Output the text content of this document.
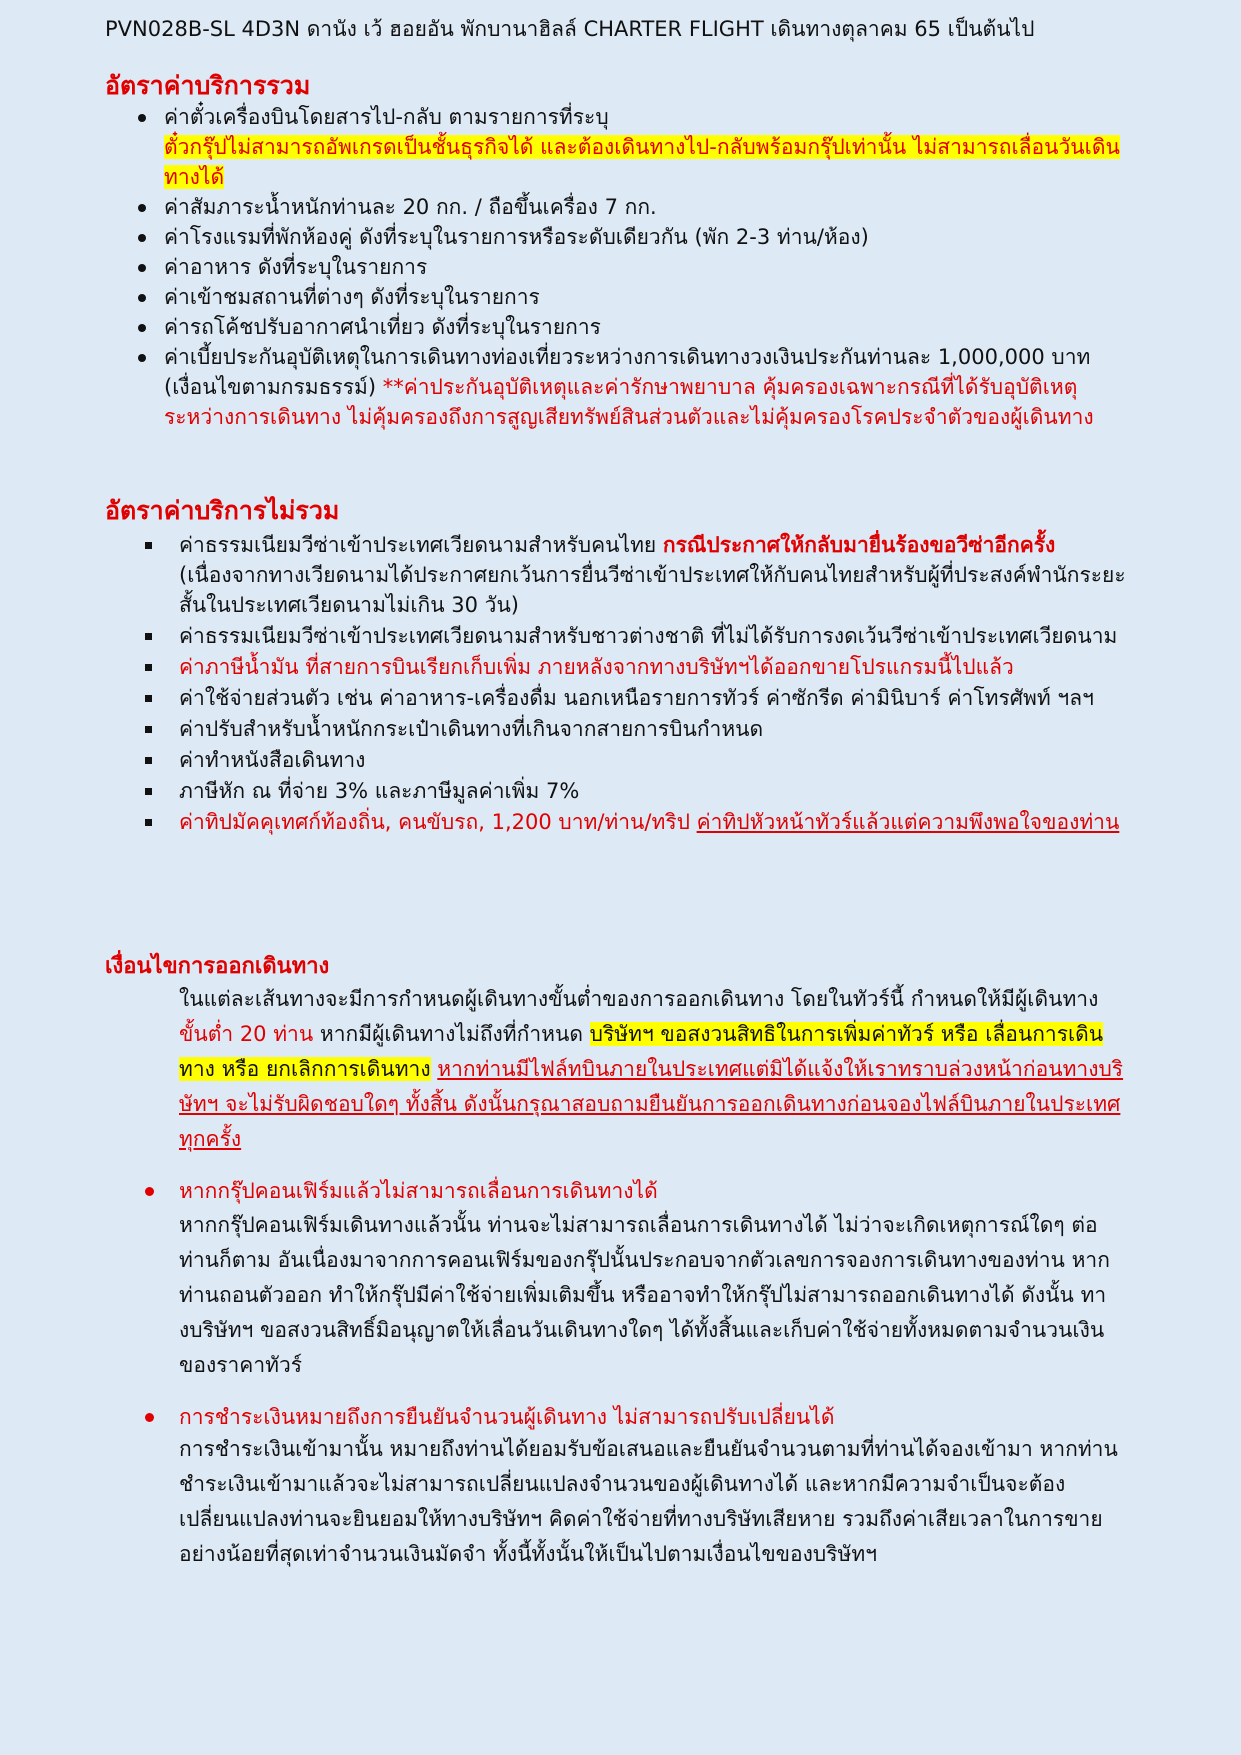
PVN028B-SL 4D3N ดานัง เว้ ฮอยอัน พักบานาฮิลล์ CHARTER FLIGHT เดินทางตุลาคม 65 เป็นต้นไป
อัตราค่าบริการรวม
ค่าตั๋วเครื่องบินโดยสารไป-กลับ ตามรายการที่ระบุ
ตั๋วกรุ๊ปไม่สามารถอัพเกรดเป็นชั้นธุรกิจได้ และต้องเดินทางไป-กลับพร้อมกรุ๊ปเท่านั้น ไม่สามารถเลื่อนวันเดินทางได้
ค่าสัมภาระน้ำหนักท่านละ 20 กก. / ถือขึ้นเครื่อง 7 กก.
ค่าโรงแรมที่พักห้องคู่ ดังที่ระบุในรายการหรือระดับเดียวกัน (พัก 2-3 ท่าน/ห้อง)
ค่าอาหาร ดังที่ระบุในรายการ
ค่าเข้าชมสถานที่ต่างๆ ดังที่ระบุในรายการ
ค่ารถโค้ชปรับอากาศนำเที่ยว ดังที่ระบุในรายการ
ค่าเบี้ยประกันอุบัติเหตุในการเดินทางท่องเที่ยวระหว่างการเดินทางวงเงินประกันท่านละ 1,000,000 บาท (เงื่อนไขตามกรมธรรม์) **ค่าประกันอุบัติเหตุและค่ารักษาพยาบาล คุ้มครองเฉพาะกรณีที่ได้รับอุบัติเหตุระหว่างการเดินทาง ไม่คุ้มครองถึงการสูญเสียทรัพย์สินส่วนตัวและไม่คุ้มครองโรคประจำตัวของผู้เดินทาง
อัตราค่าบริการไม่รวม
ค่าธรรมเนียมวีซ่าเข้าประเทศเวียดนามสำหรับคนไทย กรณีประกาศให้กลับมายื่นร้องขอวีซ่าอีกครั้ง (เนื่องจากทางเวียดนามได้ประกาศยกเว้นการยื่นวีซ่าเข้าประเทศให้กับคนไทยสำหรับผู้ที่ประสงค์พำนักระยะสั้นในประเทศเวียดนามไม่เกิน 30 วัน)
ค่าธรรมเนียมวีซ่าเข้าประเทศเวียดนามสำหรับชาวต่างชาติ ที่ไม่ได้รับการงดเว้นวีซ่าเข้าประเทศเวียดนาม
ค่าภาษีน้ำมัน ที่สายการบินเรียกเก็บเพิ่ม ภายหลังจากทางบริษัทฯได้ออกขายโปรแกรมนี้ไปแล้ว
ค่าใช้จ่ายส่วนตัว เช่น ค่าอาหาร-เครื่องดื่ม นอกเหนือรายการทัวร์ ค่าซักรีด ค่ามินิบาร์ ค่าโทรศัพท์ ฯลฯ
ค่าปรับสำหรับน้ำหนักกระเป๋าเดินทางที่เกินจากสายการบินกำหนด
ค่าทำหนังสือเดินทาง
ภาษีหัก ณ ที่จ่าย 3% และภาษีมูลค่าเพิ่ม 7%
ค่าทิปมัคคุเทศก์ท้องถิ่น, คนขับรถ, 1,200 บาท/ท่าน/ทริป ค่าทิปหัวหน้าทัวร์แล้วแต่ความพึงพอใจของท่าน
เงื่อนไขการออกเดินทาง

ในแต่ละเส้นทางจะมีการกำหนดผู้เดินทางขั้นต่ำของการออกเดินทาง โดยในทัวร์นี้ กำหนดให้มีผู้เดินทางขั้นต่ำ 20 ท่าน หากมีผู้เดินทางไม่ถึงที่กำหนด บริษัทฯ ขอสงวนสิทธิในการเพิ่มค่าทัวร์ หรือ เลื่อนการเดินทาง หรือ ยกเลิกการเดินทาง หากท่านมีไฟล์ทบินภายในประเทศแต่มิได้แจ้งให้เราทราบล่วงหน้าก่อนทางบริษัทฯ จะไม่รับผิดชอบใดๆ ทั้งสิ้น ดังนั้นกรุณาสอบถามยืนยันการออกเดินทางก่อนจองไฟล์บินภายในประเทศทุกครั้ง

หากกรุ๊ปคอนเฟิร์มแล้วไม่สามารถเลื่อนการเดินทางได้

หากกรุ๊ปคอนเฟิร์มเดินทางแล้วนั้น ท่านจะไม่สามารถเลื่อนการเดินทางได้ ไม่ว่าจะเกิดเหตุการณ์ใดๆ ต่อท่านก็ตาม อันเนื่องมาจากการคอนเฟิร์มของกรุ๊ปนั้นประกอบจากตัวเลขการจองการเดินทางของท่าน หากท่านถอนตัวออก ทำให้กรุ๊ปมีค่าใช้จ่ายเพิ่มเติมขึ้น หรืออาจทำให้กรุ๊ปไม่สามารถออกเดินทางได้ ดังนั้น ทางบริษัทฯ ขอสงวนสิทธิ์มิอนุญาตให้เลื่อนวันเดินทางใดๆ ได้ทั้งสิ้นและเก็บค่าใช้จ่ายทั้งหมดตามจำนวนเงินของราคาทัวร์

การชำระเงินหมายถึงการยืนยันจำนวนผู้เดินทาง ไม่สามารถปรับเปลี่ยนได้

การชำระเงินเข้ามานั้น หมายถึงท่านได้ยอมรับข้อเสนอและยืนยันจำนวนตามที่ท่านได้จองเข้ามา หากท่านชำระเงินเข้ามาแล้วจะไม่สามารถเปลี่ยนแปลงจำนวนของผู้เดินทางได้ และหากมีความจำเป็นจะต้องเปลี่ยนแปลงท่านจะยินยอมให้ทางบริษัทฯ คิดค่าใช้จ่ายที่ทางบริษัทเสียหาย รวมถึงค่าเสียเวลาในการขาย อย่างน้อยที่สุดเท่าจำนวนเงินมัดจำ ทั้งนี้ทั้งนั้นให้เป็นไปตามเงื่อนไขของบริษัทฯ
